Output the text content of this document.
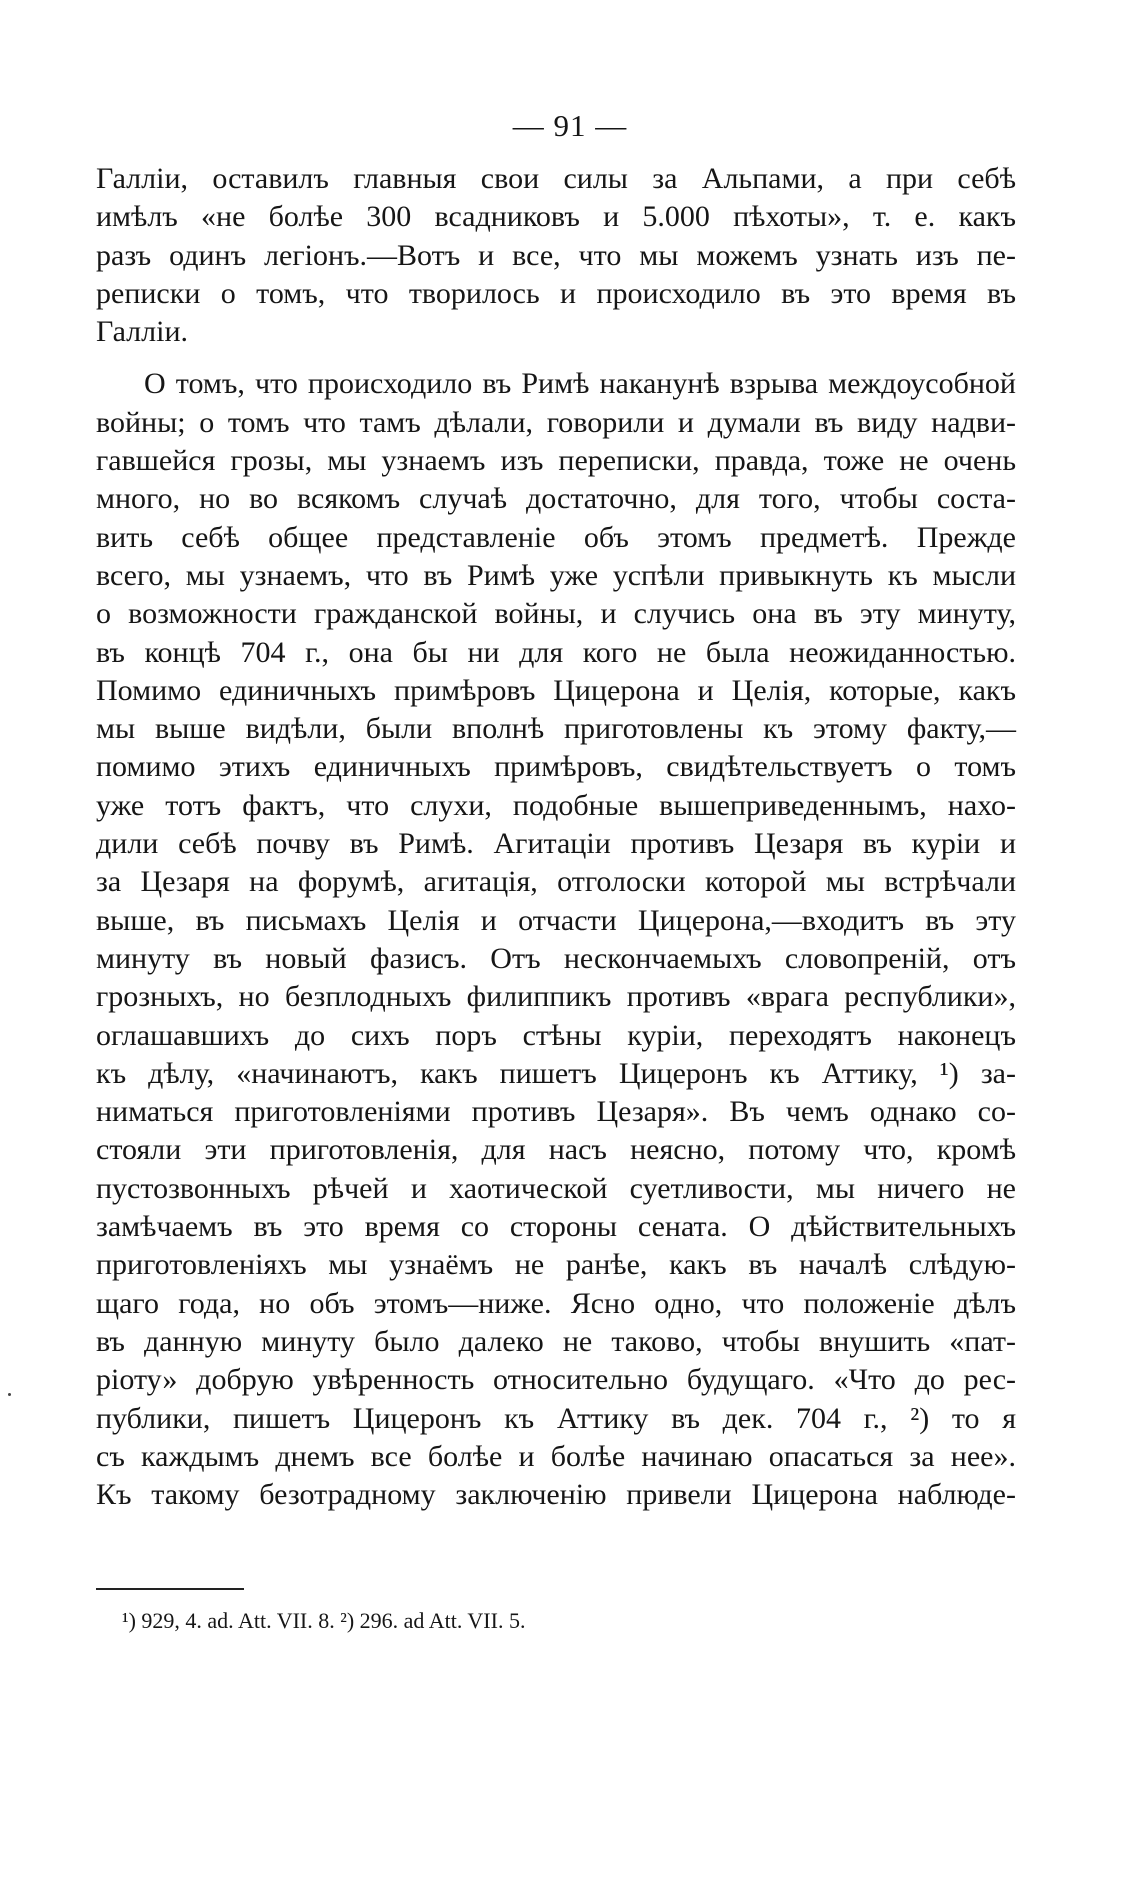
— 91 —
Галліи, оставилъ главныя свои силы за Альпами, а при себѣ
имѣлъ «не болѣе 300 всадниковъ и 5.000 пѣхоты», т. е. какъ
разъ одинъ легіонъ.—Вотъ и все, что мы можемъ узнать изъ пе-
реписки о томъ, что творилось и происходило въ это время въ
Галліи.
О томъ, что происходило въ Римѣ наканунѣ взрыва междоусобной
войны; о томъ что тамъ дѣлали, говорили и думали въ виду надви-
гавшейся грозы, мы узнаемъ изъ переписки, правда, тоже не очень
много, но во всякомъ случаѣ достаточно, для того, чтобы соста-
вить себѣ общее представленіе объ этомъ предметѣ. Прежде
всего, мы узнаемъ, что въ Римѣ уже успѣли привыкнуть къ мысли
о возможности гражданской войны, и случись она въ эту минуту,
въ концѣ 704 г., она бы ни для кого не была неожиданностью.
Помимо единичныхъ примѣровъ Цицерона и Целія, которые, какъ
мы выше видѣли, были вполнѣ приготовлены къ этому факту,—
помимо этихъ единичныхъ примѣровъ, свидѣтельствуетъ о томъ
уже тотъ фактъ, что слухи, подобные вышеприведеннымъ, нахо-
дили себѣ почву въ Римѣ. Агитаціи противъ Цезаря въ куріи и
за Цезаря на форумѣ, агитація, отголоски которой мы встрѣчали
выше, въ письмахъ Целія и отчасти Цицерона,—входитъ въ эту
минуту въ новый фазисъ. Отъ нескончаемыхъ словопреній, отъ
грозныхъ, но безплодныхъ филиппикъ противъ «врага республики»,
оглашавшихъ до сихъ поръ стѣны куріи, переходятъ наконецъ
къ дѣлу, «начинаютъ, какъ пишетъ Цицеронъ къ Аттику, ¹) за-
ниматься приготовленіями противъ Цезаря». Въ чемъ однако со-
стояли эти приготовленія, для насъ неясно, потому что, кромѣ
пустозвонныхъ рѣчей и хаотической суетливости, мы ничего не
замѣчаемъ въ это время со стороны сената. О дѣйствительныхъ
приготовленіяхъ мы узнаёмъ не ранѣе, какъ въ началѣ слѣдую-
щаго года, но объ этомъ—ниже. Ясно одно, что положеніе дѣлъ
въ данную минуту было далеко не таково, чтобы внушить «пат-
ріоту» добрую увѣренность относительно будущаго. «Что до рес-
публики, пишетъ Цицеронъ къ Аттику въ дек. 704 г., ²) то я
съ каждымъ днемъ все болѣе и болѣе начинаю опасаться за нее».
Къ такому безотрадному заключенію привели Цицерона наблюде-
¹) 929, 4. ad. Att. VII. 8. ²) 296. ad Att. VII. 5.
